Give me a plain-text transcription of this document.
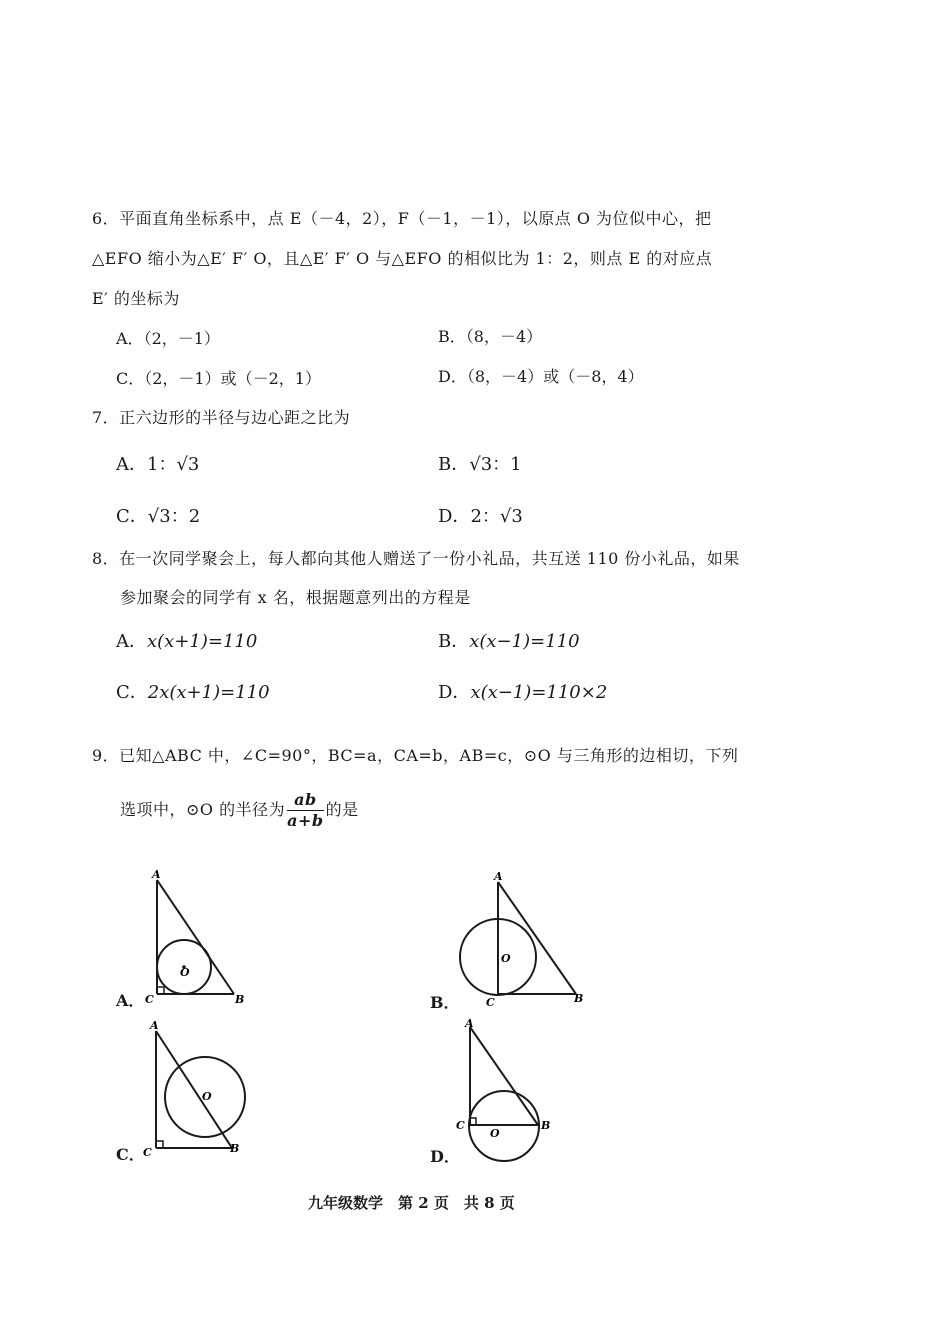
6．平面直角坐标系中，点 E（－4，2），F（－1，－1），以原点 O 为位似中心，把
△EFO 缩小为△E′ F′ O，且△E′ F′ O 与△EFO 的相似比为 1：2，则点 E 的对应点
E′ 的坐标为
A．（2，－1）	B．（8，－4）
C．（2，－1）或（－2，1）	D．（8，－4）或（－8，4）
7．正六边形的半径与边心距之比为
A．1：√3	B．√3：1
C．√3：2	D．2：√3
8．在一次同学聚会上，每人都向其他人赠送了一份小礼品，共互送 110 份小礼品，如果
参加聚会的同学有 x 名，根据题意列出的方程是
A．x(x+1)=110	B．x(x−1)=110
C．2x(x+1)=110	D．x(x−1)=110×2
9．已知△ABC 中，∠C=90°，BC=a，CA=b，AB=c，⊙O 与三角形的边相切，下列
选项中，⊙O 的半径为 $\frac{ab}{a+b}$ 的是
A．
A
C	B
O
B．
A
C	B
O
C．
A
C	B
O
D．
A
C	B
O
九年级数学　第 2 页　共 8 页
